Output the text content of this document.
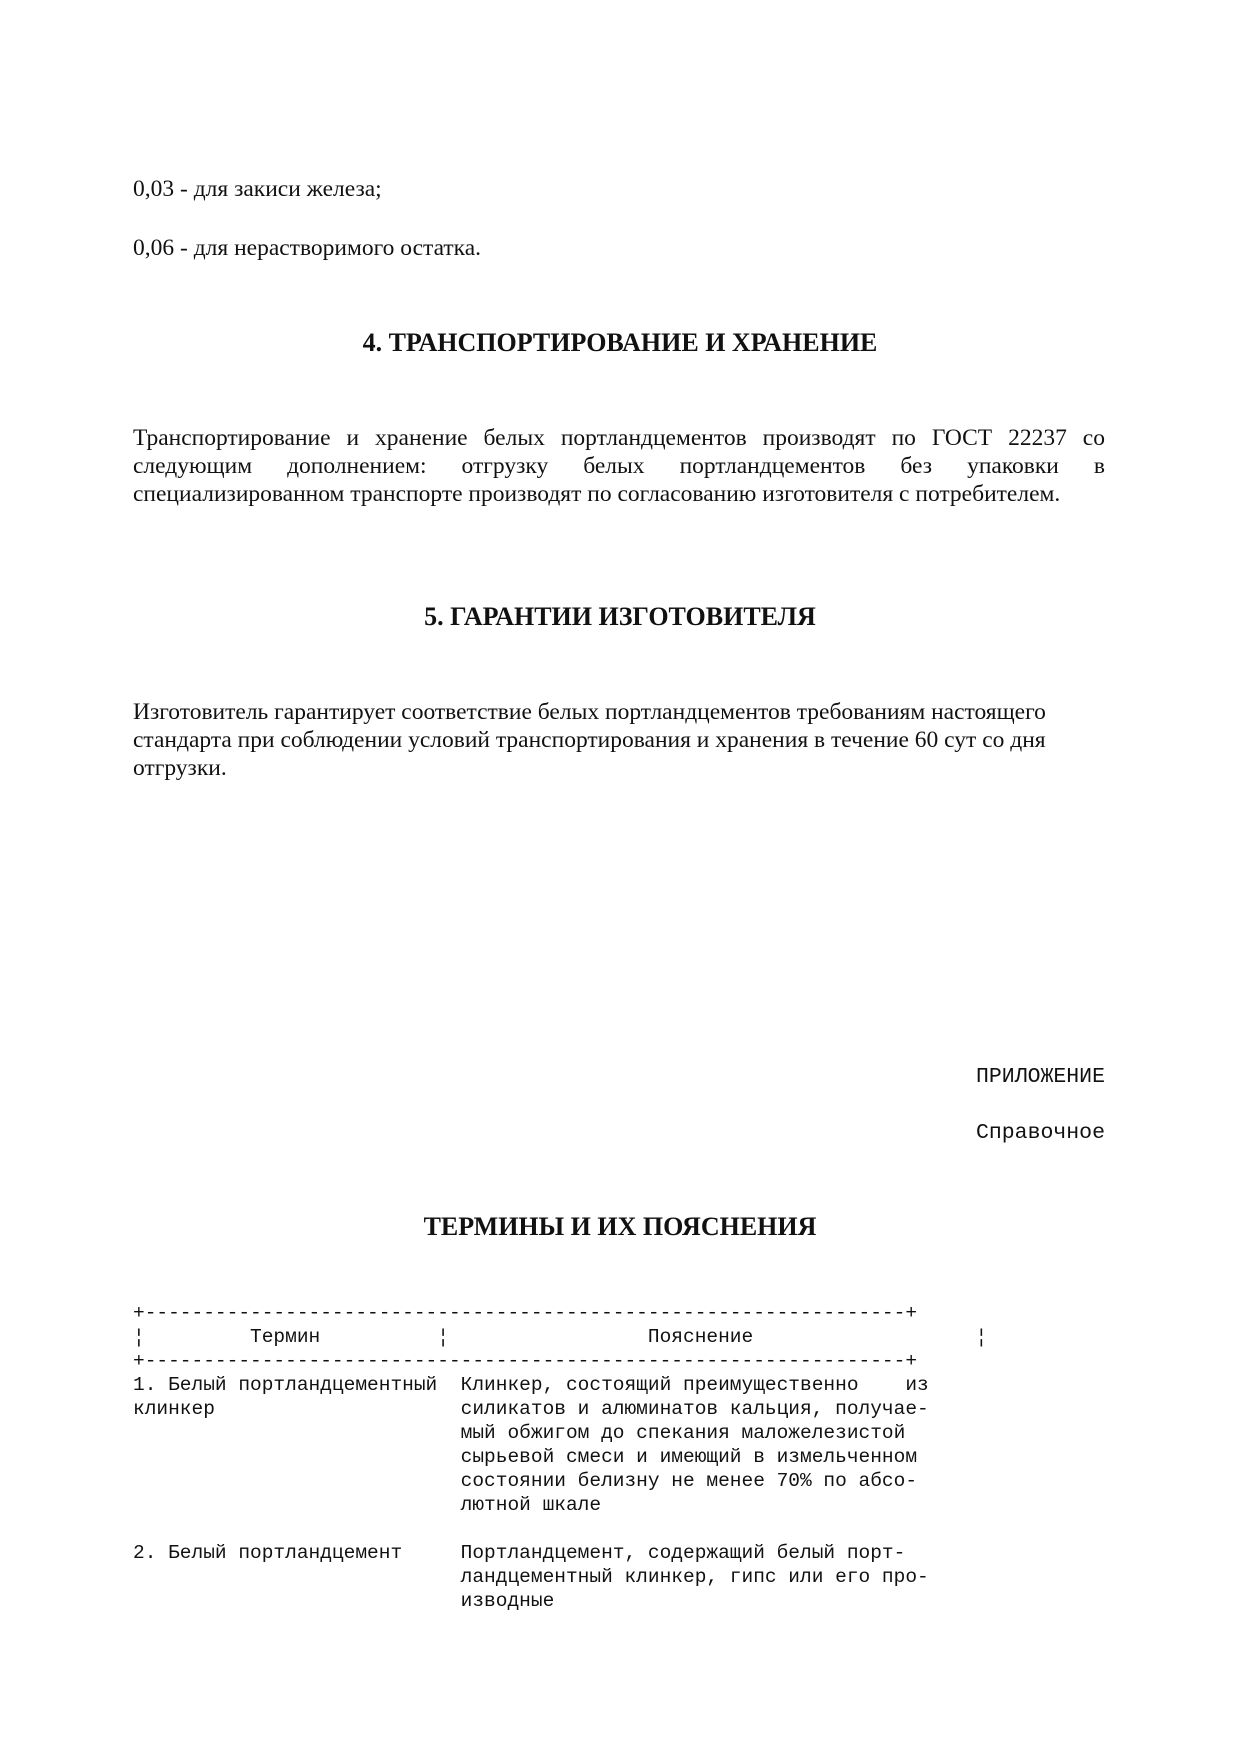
0,03 - для закиси железа;

0,06 - для нерастворимого остатка.

4. ТРАНСПОРТИРОВАНИЕ И ХРАНЕНИЕ

Транспортирование и хранение белых портландцементов производят по ГОСТ 22237 со следующим дополнением: отгрузку белых портландцементов без упаковки в специализированном транспорте производят по согласованию изготовителя с потребителем.

5. ГАРАНТИИ ИЗГОТОВИТЕЛЯ

Изготовитель гарантирует соответствие белых портландцементов требованиям настоящего стандарта при соблюдении условий транспортирования и хранения в течение 60 сут со дня отгрузки.

ПРИЛОЖЕНИЕ

Справочное

ТЕРМИНЫ И ИХ ПОЯСНЕНИЯ
+-----------------------------------------------------------------+
¦         Термин          ¦                 Пояснение                   ¦
+-----------------------------------------------------------------+
1. Белый портландцементный  Клинкер, состоящий преимущественно    из
клинкер                     силикатов и алюминатов кальция, получае-
мый обжигом до спекания маложелезистой
сырьевой смеси и имеющий в измельченном
состоянии белизну не менее 70% по абсо-
лютной шкале

2. Белый портландцемент     Портландцемент, содержащий белый порт-
ландцементный клинкер, гипс или его про-
изводные
